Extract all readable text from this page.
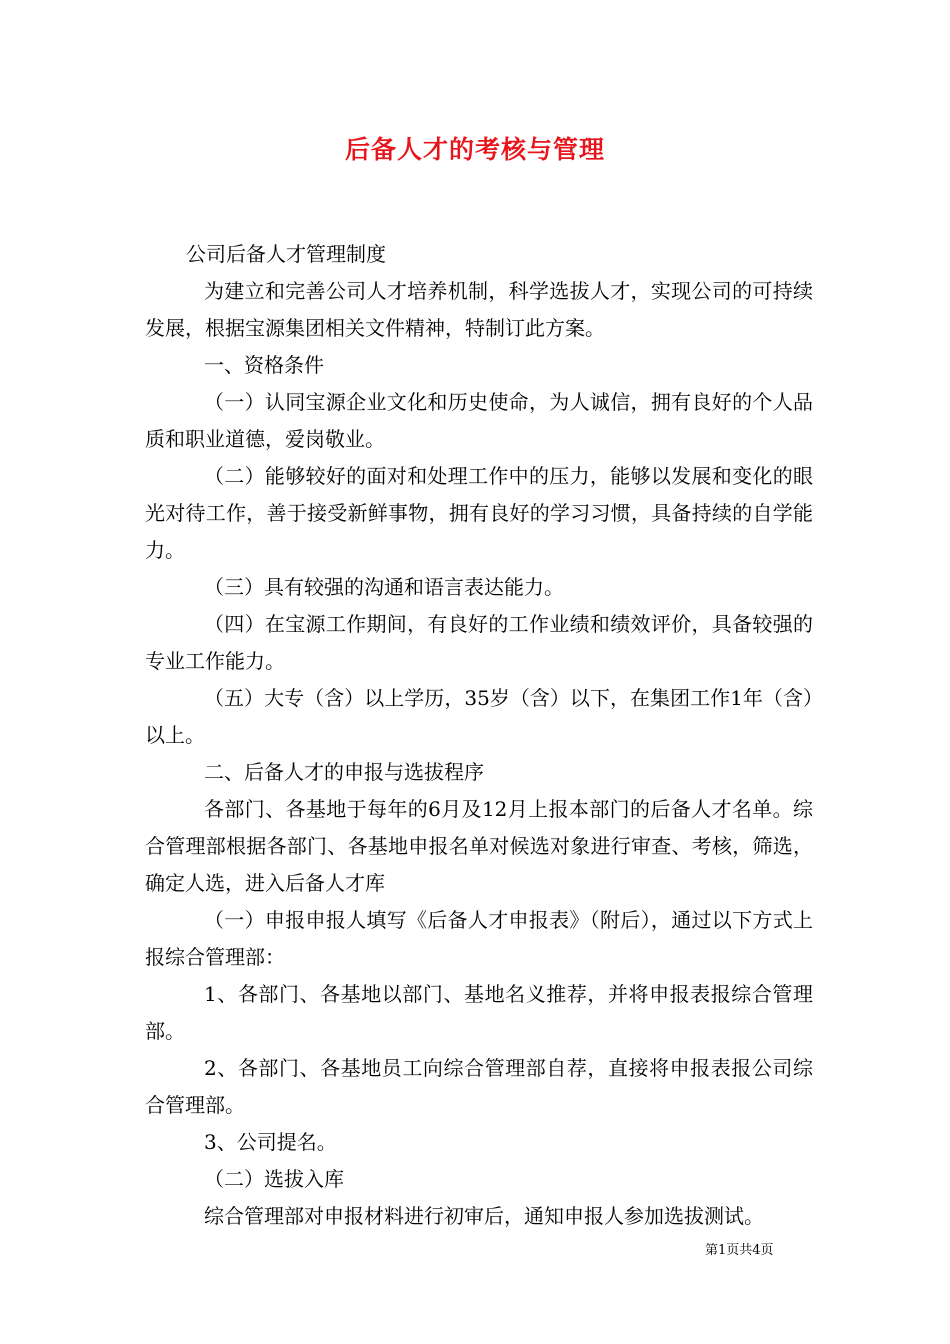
后备人才的考核与管理

公司后备人才管理制度

为建立和完善公司人才培养机制，科学选拔人才，实现公司的可持续发展，根据宝源集团相关文件精神，特制订此方案。

一、资格条件

（一）认同宝源企业文化和历史使命，为人诚信，拥有良好的个人品质和职业道德，爱岗敬业。

（二）能够较好的面对和处理工作中的压力，能够以发展和变化的眼光对待工作，善于接受新鲜事物，拥有良好的学习习惯，具备持续的自学能力。

（三）具有较强的沟通和语言表达能力。

（四）在宝源工作期间，有良好的工作业绩和绩效评价，具备较强的专业工作能力。

（五）大专（含）以上学历，35岁（含）以下，在集团工作1年（含）以上。

二、后备人才的申报与选拔程序

各部门、各基地于每年的6月及12月上报本部门的后备人才名单。综合管理部根据各部门、各基地申报名单对候选对象进行审查、考核，筛选，确定人选，进入后备人才库

（一）申报申报人填写《后备人才申报表》（附后），通过以下方式上报综合管理部：

1、各部门、各基地以部门、基地名义推荐，并将申报表报综合管理部。

2、各部门、各基地员工向综合管理部自荐，直接将申报表报公司综合管理部。

3、公司提名。

（二）选拔入库

综合管理部对申报材料进行初审后，通知申报人参加选拔测试。

第1页共4页
